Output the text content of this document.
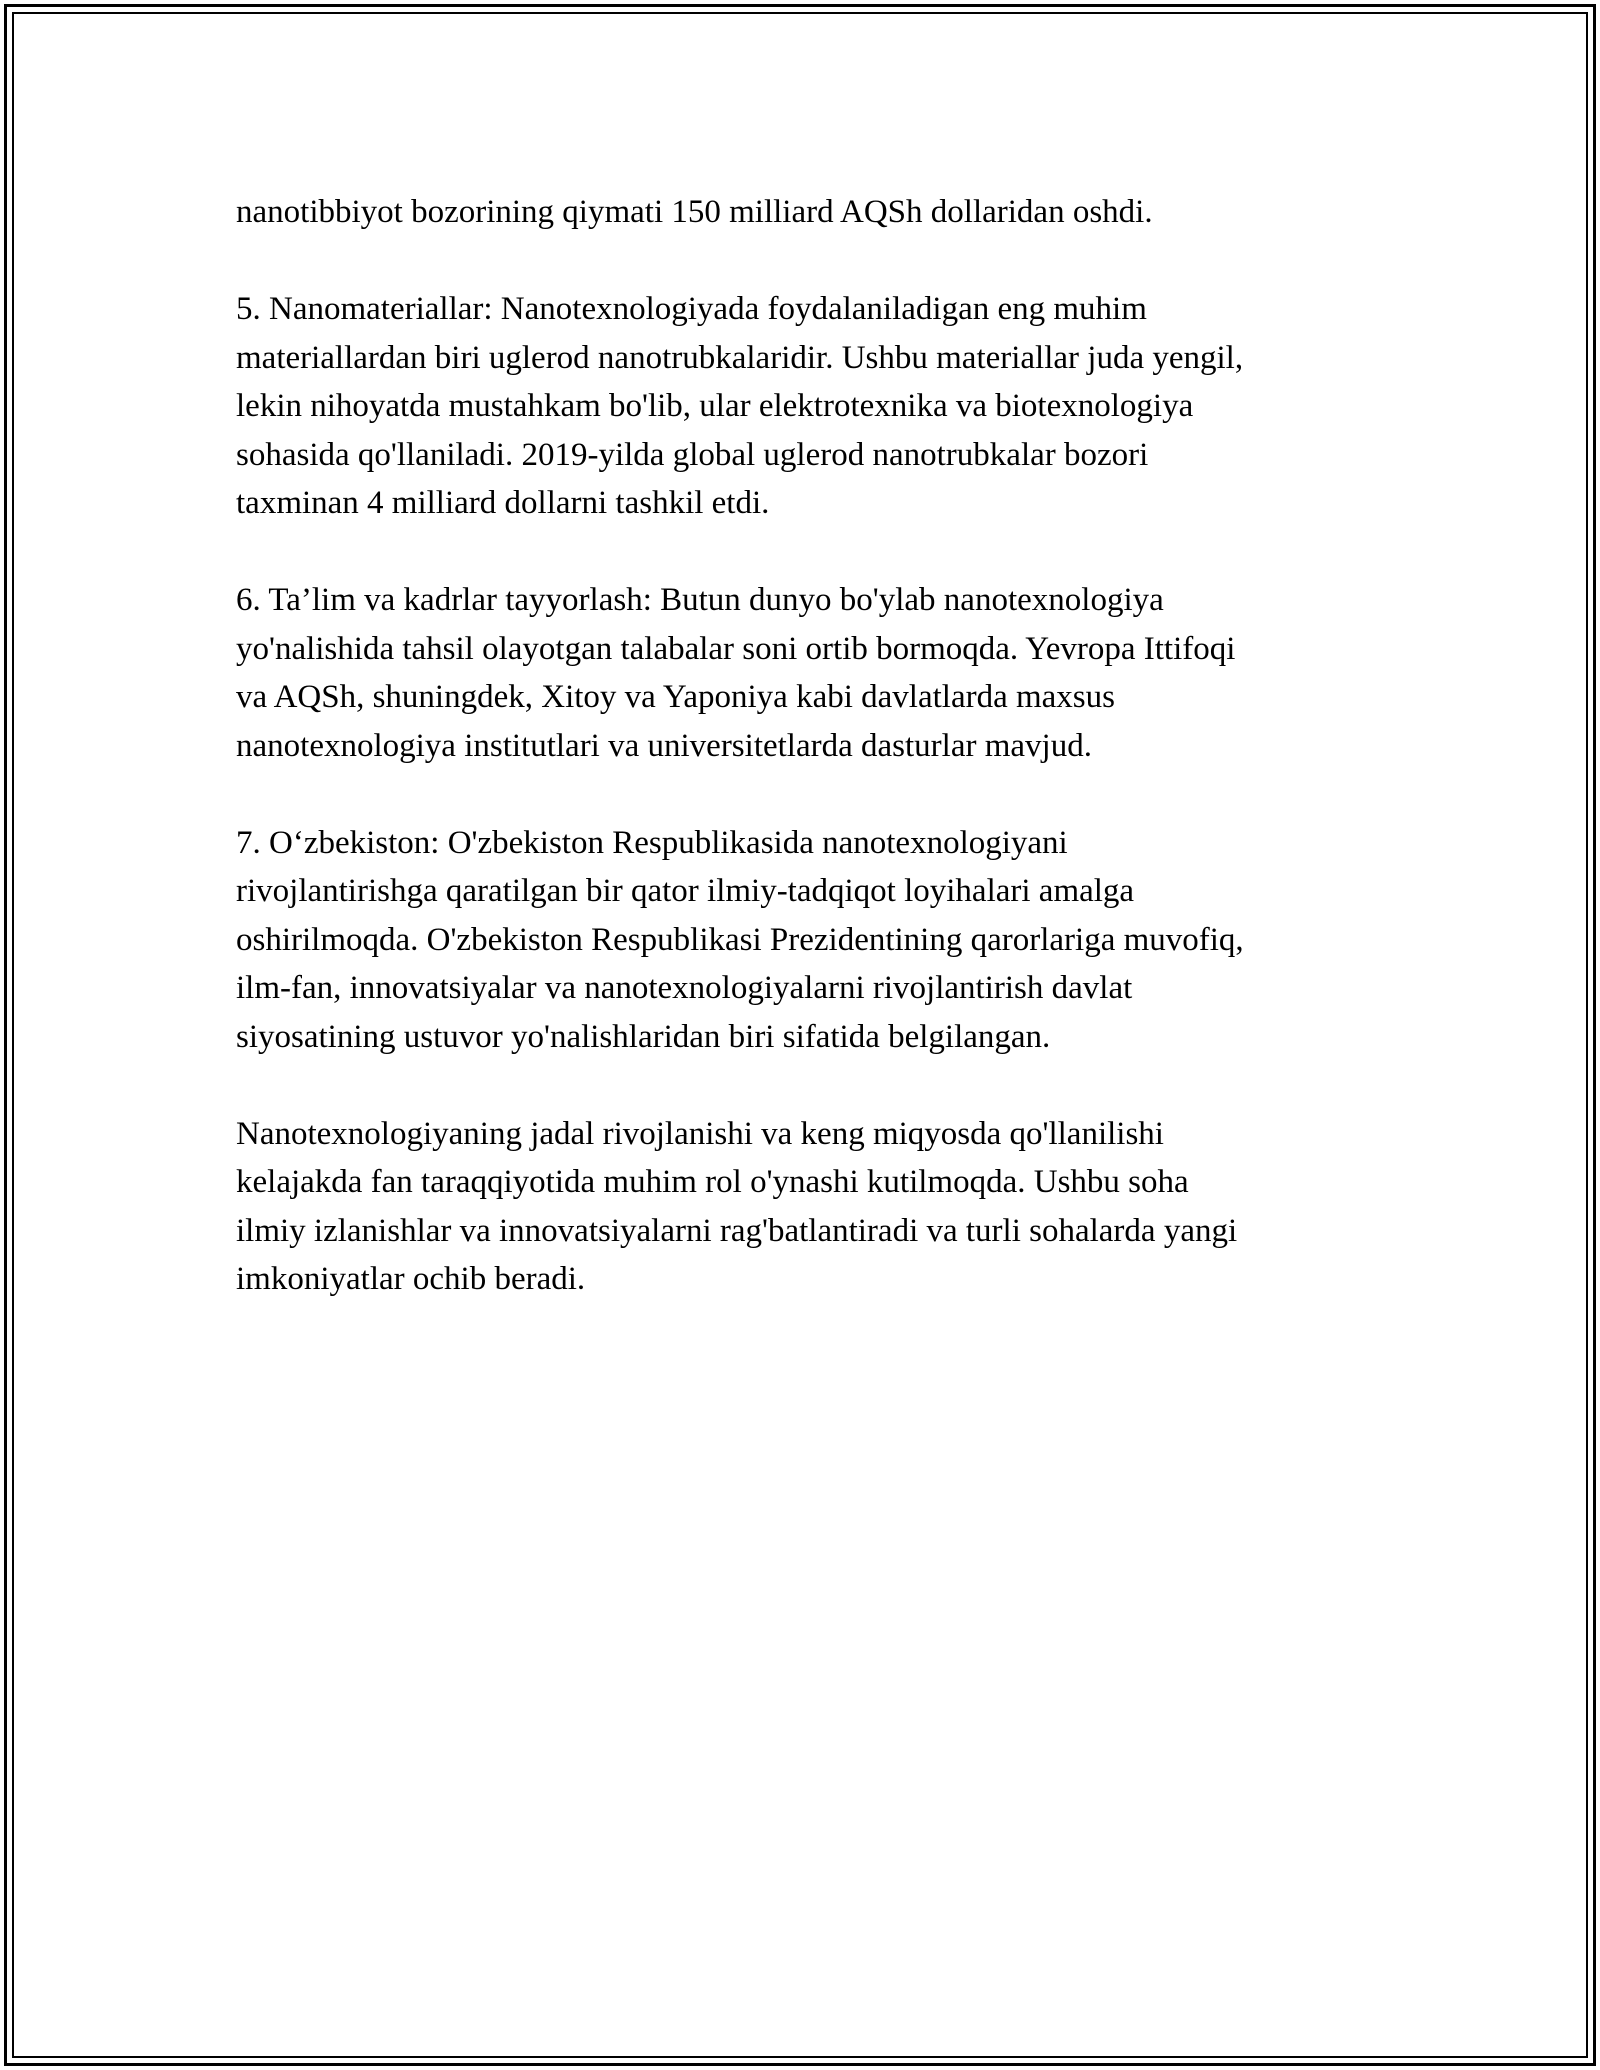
nanotibbiyot bozorining qiymati 150 milliard AQSh dollaridan oshdi.

5. Nanomateriallar: Nanotexnologiyada foydalaniladigan eng muhim
materiallardan biri uglerod nanotrubkalaridir. Ushbu materiallar juda yengil,
lekin nihoyatda mustahkam bo'lib, ular elektrotexnika va biotexnologiya
sohasida qo'llaniladi. 2019-yilda global uglerod nanotrubkalar bozori
taxminan 4 milliard dollarni tashkil etdi.

6. Ta’lim va kadrlar tayyorlash: Butun dunyo bo'ylab nanotexnologiya
yo'nalishida tahsil olayotgan talabalar soni ortib bormoqda. Yevropa Ittifoqi
va AQSh, shuningdek, Xitoy va Yaponiya kabi davlatlarda maxsus
nanotexnologiya institutlari va universitetlarda dasturlar mavjud.

7. O‘zbekiston: O'zbekiston Respublikasida nanotexnologiyani
rivojlantirishga qaratilgan bir qator ilmiy-tadqiqot loyihalari amalga
oshirilmoqda. O'zbekiston Respublikasi Prezidentining qarorlariga muvofiq,
ilm-fan, innovatsiyalar va nanotexnologiyalarni rivojlantirish davlat
siyosatining ustuvor yo'nalishlaridan biri sifatida belgilangan.

Nanotexnologiyaning jadal rivojlanishi va keng miqyosda qo'llanilishi
kelajakda fan taraqqiyotida muhim rol o'ynashi kutilmoqda. Ushbu soha
ilmiy izlanishlar va innovatsiyalarni rag'batlantiradi va turli sohalarda yangi
imkoniyatlar ochib beradi.
